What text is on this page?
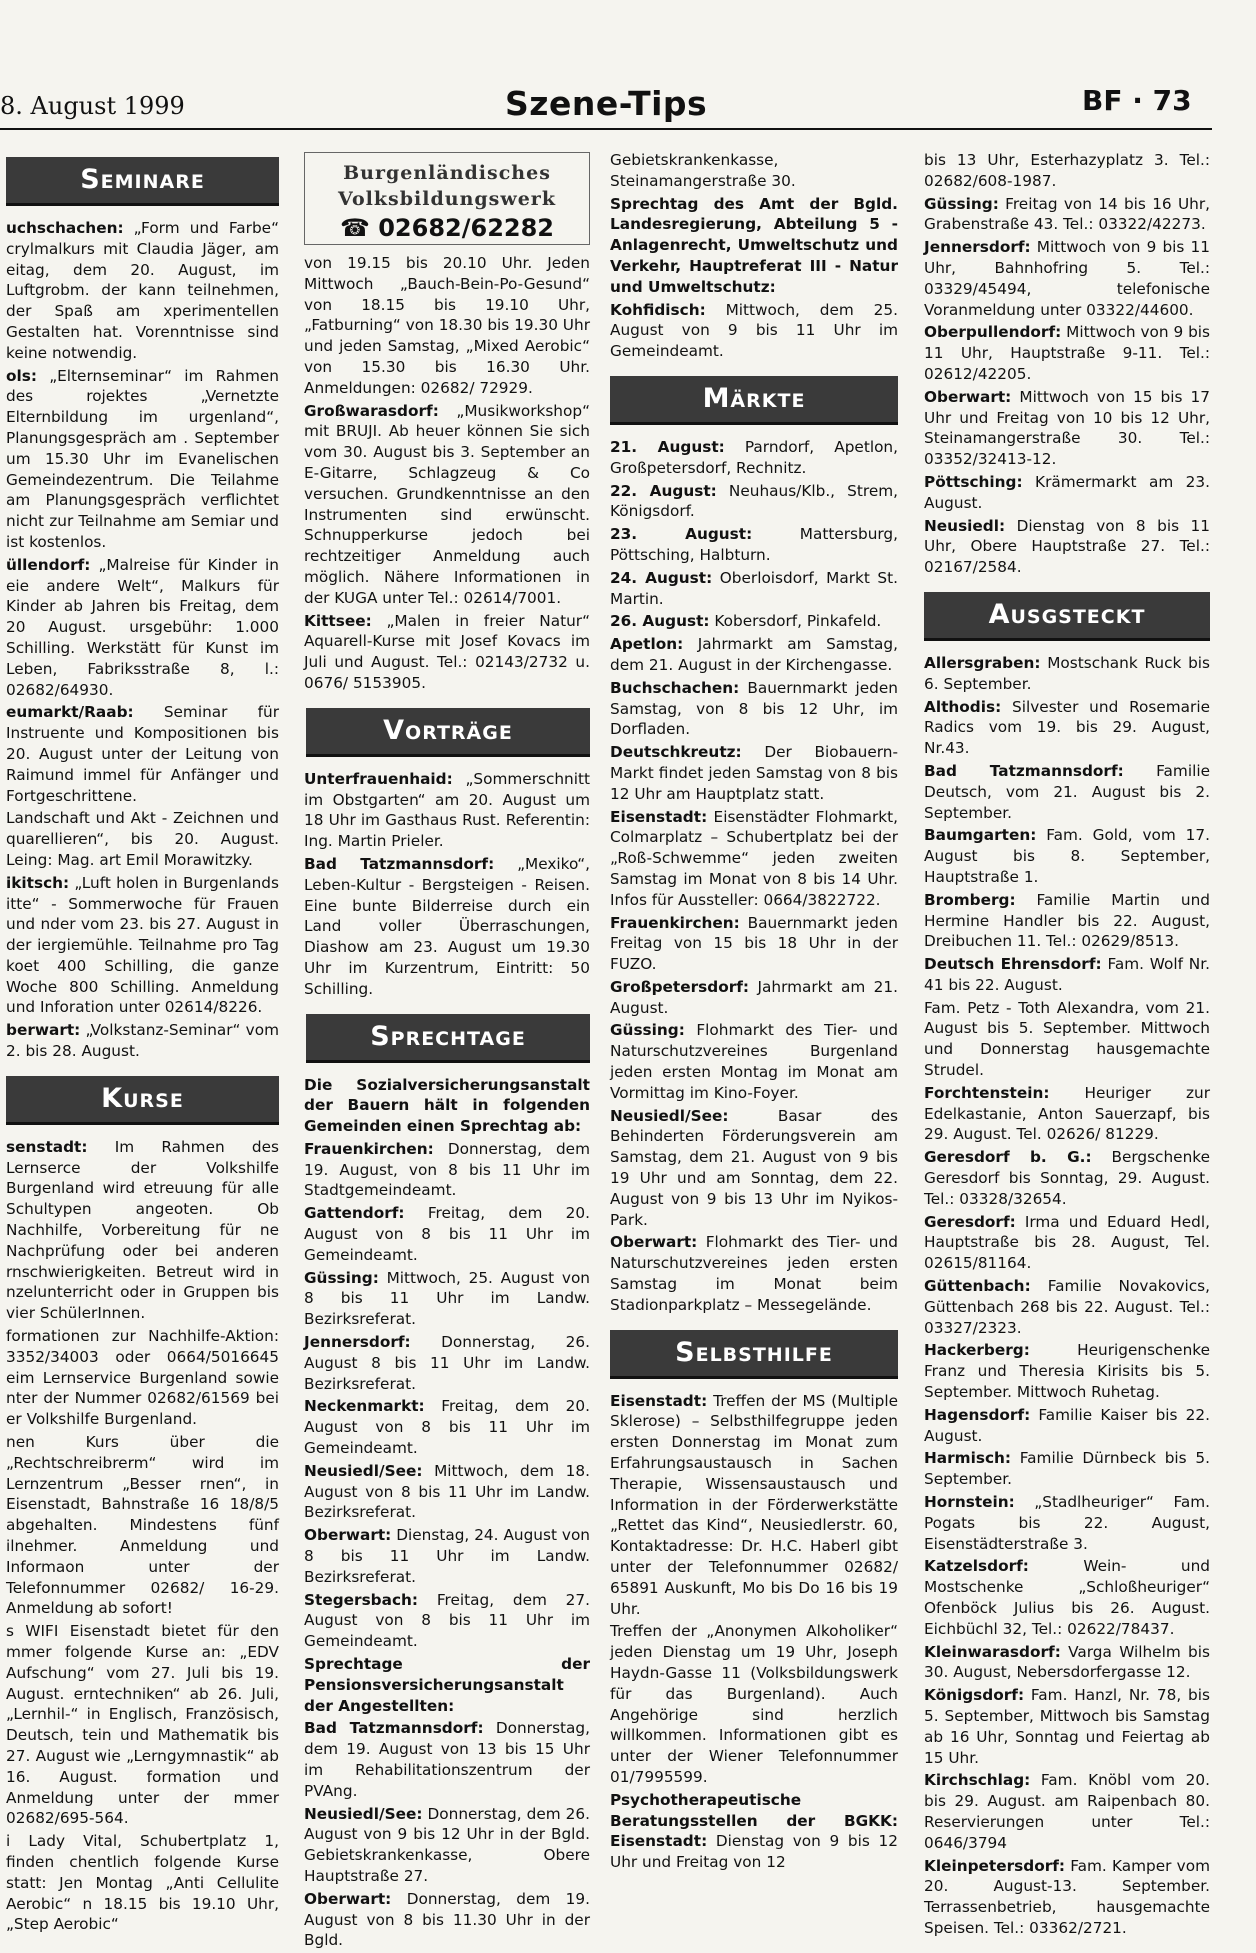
8. August 1999	Szene-Tips	BF · 73
Seminare

uchschachen: „Form und Farbe“ crylmalkurs mit Claudia Jäger, am eitag, dem 20. August, im Luftgrobm. der kann teilnehmen, der Spaß am xperimentellen Gestalten hat. Vorenntnisse sind keine notwendig.

ols: „Elternseminar“ im Rahmen des rojektes „Vernetzte Elternbildung im urgenland“, Planungsgespräch am . September um 15.30 Uhr im Evanelischen Gemeindezentrum. Die Teilahme am Planungsgespräch verflichtet nicht zur Teilnahme am Semiar und ist kostenlos.

üllendorf: „Malreise für Kinder in eie andere Welt“, Malkurs für Kinder ab Jahren bis Freitag, dem 20 August. ursgebühr: 1.000 Schilling. Werkstätt für Kunst im Leben, Fabriksstraße 8, l.: 02682/64930.

eumarkt/Raab: Seminar für Instruente und Kompositionen bis 20. August unter der Leitung von Raimund immel für Anfänger und Fortgeschrittene.

Landschaft und Akt - Zeichnen und quarellieren“, bis 20. August. Leing: Mag. art Emil Morawitzky.

ikitsch: „Luft holen in Burgenlands itte“ - Sommerwoche für Frauen und nder vom 23. bis 27. August in der iergiemühle. Teilnahme pro Tag koet 400 Schilling, die ganze Woche 800 Schilling. Anmeldung und Inforation unter 02614/8226.

berwart: „Volkstanz-Seminar“ vom 2. bis 28. August.

Kurse

senstadt: Im Rahmen des Lernserce der Volkshilfe Burgenland wird etreuung für alle Schultypen angeoten. Ob Nachhilfe, Vorbereitung für ne Nachprüfung oder bei anderen rnschwierigkeiten. Betreut wird in nzelunterricht oder in Gruppen bis vier SchülerInnen.

formationen zur Nachhilfe-Aktion: 3352/34003 oder 0664/5016645 eim Lernservice Burgenland sowie nter der Nummer 02682/61569 bei er Volkshilfe Burgenland.

nen Kurs über die „Rechtschreibrerm“ wird im Lernzentrum „Besser rnen“, in Eisenstadt, Bahnstraße 16 18/8/5 abgehalten. Mindestens fünf ilnehmer. Anmeldung und Informaon unter der Telefonnummer 02682/ 16-29. Anmeldung ab sofort!

s WIFI Eisenstadt bietet für den mmer folgende Kurse an: „EDV Aufschung“ vom 27. Juli bis 19. August. erntechniken“ ab 26. Juli, „Lernhil-“ in Englisch, Französisch, Deutsch, tein und Mathematik bis 27. August wie „Lerngymnastik“ ab 16. August. formation und Anmeldung unter der mmer 02682/695-564.

i Lady Vital, Schubertplatz 1, finden chentlich folgende Kurse statt: Jen Montag „Anti Cellulite Aerobic“ n 18.15 bis 19.10 Uhr, „Step Aerobic“

Burgenländisches
Volksbildungswerk
☎ 02682/62282

von 19.15 bis 20.10 Uhr. Jeden Mittwoch „Bauch-Bein-Po-Gesund“ von 18.15 bis 19.10 Uhr, „Fatburning“ von 18.30 bis 19.30 Uhr und jeden Samstag, „Mixed Aerobic“ von 15.30 bis 16.30 Uhr. Anmeldungen: 02682/ 72929.

Großwarasdorf: „Musikworkshop“ mit BRUJI. Ab heuer können Sie sich vom 30. August bis 3. September an E-Gitarre, Schlagzeug & Co versuchen. Grundkenntnisse an den Instrumenten sind erwünscht. Schnupperkurse jedoch bei rechtzeitiger Anmeldung auch möglich. Nähere Informationen in der KUGA unter Tel.: 02614/7001.

Kittsee: „Malen in freier Natur“ Aquarell-Kurse mit Josef Kovacs im Juli und August. Tel.: 02143/2732 u. 0676/ 5153905.

Vorträge

Unterfrauenhaid: „Sommerschnitt im Obstgarten“ am 20. August um 18 Uhr im Gasthaus Rust. Referentin: Ing. Martin Prieler.

Bad Tatzmannsdorf: „Mexiko“, Leben-Kultur - Bergsteigen - Reisen. Eine bunte Bilderreise durch ein Land voller Überraschungen, Diashow am 23. August um 19.30 Uhr im Kurzentrum, Eintritt: 50 Schilling.

Sprechtage

Die Sozialversicherungsanstalt der Bauern hält in folgenden Gemeinden einen Sprechtag ab:

Frauenkirchen: Donnerstag, dem 19. August, von 8 bis 11 Uhr im Stadtgemeindeamt.

Gattendorf: Freitag, dem 20. August von 8 bis 11 Uhr im Gemeindeamt.

Güssing: Mittwoch, 25. August von 8 bis 11 Uhr im Landw. Bezirksreferat.

Jennersdorf: Donnerstag, 26. August 8 bis 11 Uhr im Landw. Bezirksreferat.

Neckenmarkt: Freitag, dem 20. August von 8 bis 11 Uhr im Gemeindeamt.

Neusiedl/See: Mittwoch, dem 18. August von 8 bis 11 Uhr im Landw. Bezirksreferat.

Oberwart: Dienstag, 24. August von 8 bis 11 Uhr im Landw. Bezirksreferat.

Stegersbach: Freitag, dem 27. August von 8 bis 11 Uhr im Gemeindeamt.

Sprechtage der Pensionsversicherungsanstalt der Angestellten:

Bad Tatzmannsdorf: Donnerstag, dem 19. August von 13 bis 15 Uhr im Rehabilitationszentrum der PVAng.

Neusiedl/See: Donnerstag, dem 26. August von 9 bis 12 Uhr in der Bgld. Gebietskrankenkasse, Obere Hauptstraße 27.

Oberwart: Donnerstag, dem 19. August von 8 bis 11.30 Uhr in der Bgld.

Gebietskrankenkasse, Steinamangerstraße 30.

Sprechtag des Amt der Bgld. Landesregierung, Abteilung 5 - Anlagenrecht, Umweltschutz und Verkehr, Hauptreferat III - Natur und Umweltschutz:

Kohfidisch: Mittwoch, dem 25. August von 9 bis 11 Uhr im Gemeindeamt.

Märkte

21. August: Parndorf, Apetlon, Großpetersdorf, Rechnitz.

22. August: Neuhaus/Klb., Strem, Königsdorf.

23. August: Mattersburg, Pöttsching, Halbturn.

24. August: Oberloisdorf, Markt St. Martin.

26. August: Kobersdorf, Pinkafeld.

Apetlon: Jahrmarkt am Samstag, dem 21. August in der Kirchengasse.

Buchschachen: Bauernmarkt jeden Samstag, von 8 bis 12 Uhr, im Dorfladen.

Deutschkreutz: Der Biobauern-Markt findet jeden Samstag von 8 bis 12 Uhr am Hauptplatz statt.

Eisenstadt: Eisenstädter Flohmarkt, Colmarplatz – Schubertplatz bei der „Roß-Schwemme“ jeden zweiten Samstag im Monat von 8 bis 14 Uhr. Infos für Aussteller: 0664/3822722.

Frauenkirchen: Bauernmarkt jeden Freitag von 15 bis 18 Uhr in der FUZO.

Großpetersdorf: Jahrmarkt am 21. August.

Güssing: Flohmarkt des Tier- und Naturschutzvereines Burgenland jeden ersten Montag im Monat am Vormittag im Kino-Foyer.

Neusiedl/See: Basar des Behinderten Förderungsverein am Samstag, dem 21. August von 9 bis 19 Uhr und am Sonntag, dem 22. August von 9 bis 13 Uhr im Nyikos-Park.

Oberwart: Flohmarkt des Tier- und Naturschutzvereines jeden ersten Samstag im Monat beim Stadionparkplatz – Messegelände.

Selbsthilfe

Eisenstadt: Treffen der MS (Multiple Sklerose) – Selbsthilfegruppe jeden ersten Donnerstag im Monat zum Erfahrungsaustausch in Sachen Therapie, Wissensaustausch und Information in der Förderwerkstätte „Rettet das Kind“, Neusiedlerstr. 60, Kontaktadresse: Dr. H.C. Haberl gibt unter der Telefonnummer 02682/ 65891 Auskunft, Mo bis Do 16 bis 19 Uhr.

Treffen der „Anonymen Alkoholiker“ jeden Dienstag um 19 Uhr, Joseph Haydn-Gasse 11 (Volksbildungswerk für das Burgenland). Auch Angehörige sind herzlich willkommen. Informationen gibt es unter der Wiener Telefonnummer 01/7995599.

Psychotherapeutische Beratungsstellen der BGKK: Eisenstadt: Dienstag von 9 bis 12 Uhr und Freitag von 12

bis 13 Uhr, Esterhazyplatz 3. Tel.: 02682/608-1987.

Güssing: Freitag von 14 bis 16 Uhr, Grabenstraße 43. Tel.: 03322/42273.

Jennersdorf: Mittwoch von 9 bis 11 Uhr, Bahnhofring 5. Tel.: 03329/45494, telefonische Voranmeldung unter 03322/44600.

Oberpullendorf: Mittwoch von 9 bis 11 Uhr, Hauptstraße 9-11. Tel.: 02612/42205.

Oberwart: Mittwoch von 15 bis 17 Uhr und Freitag von 10 bis 12 Uhr, Steinamangerstraße 30. Tel.: 03352/32413-12.

Pöttsching: Krämermarkt am 23. August.

Neusiedl: Dienstag von 8 bis 11 Uhr, Obere Hauptstraße 27. Tel.: 02167/2584.

Ausgsteckt

Allersgraben: Mostschank Ruck bis 6. September.

Althodis: Silvester und Rosemarie Radics vom 19. bis 29. August, Nr.43.

Bad Tatzmannsdorf: Familie Deutsch, vom 21. August bis 2. September.

Baumgarten: Fam. Gold, vom 17. August bis 8. September, Hauptstraße 1.

Bromberg: Familie Martin und Hermine Handler bis 22. August, Dreibuchen 11. Tel.: 02629/8513.

Deutsch Ehrensdorf: Fam. Wolf Nr. 41 bis 22. August.

Fam. Petz - Toth Alexandra, vom 21. August bis 5. September. Mittwoch und Donnerstag hausgemachte Strudel.

Forchtenstein: Heuriger zur Edelkastanie, Anton Sauerzapf, bis 29. August. Tel. 02626/ 81229.

Geresdorf b. G.: Bergschenke Geresdorf bis Sonntag, 29. August. Tel.: 03328/32654.

Geresdorf: Irma und Eduard Hedl, Hauptstraße bis 28. August, Tel. 02615/81164.

Güttenbach: Familie Novakovics, Güttenbach 268 bis 22. August. Tel.: 03327/2323.

Hackerberg: Heurigenschenke Franz und Theresia Kirisits bis 5. September. Mittwoch Ruhetag.

Hagensdorf: Familie Kaiser bis 22. August.

Harmisch: Familie Dürnbeck bis 5. September.

Hornstein: „Stadlheuriger“ Fam. Pogats bis 22. August, Eisenstädterstraße 3.

Katzelsdorf: Wein- und Mostschenke „Schloßheuriger“ Ofenböck Julius bis 26. August. Eichbüchl 32, Tel.: 02622/78437.

Kleinwarasdorf: Varga Wilhelm bis 30. August, Nebersdorfergasse 12.

Königsdorf: Fam. Hanzl, Nr. 78, bis 5. September, Mittwoch bis Samstag ab 16 Uhr, Sonntag und Feiertag ab 15 Uhr.

Kirchschlag: Fam. Knöbl vom 20. bis 29. August. am Raipenbach 80. Reservierungen unter Tel.: 0646/3794

Kleinpetersdorf: Fam. Kamper vom 20. August-13. September. Terrassenbetrieb, hausgemachte Speisen. Tel.: 03362/2721.
